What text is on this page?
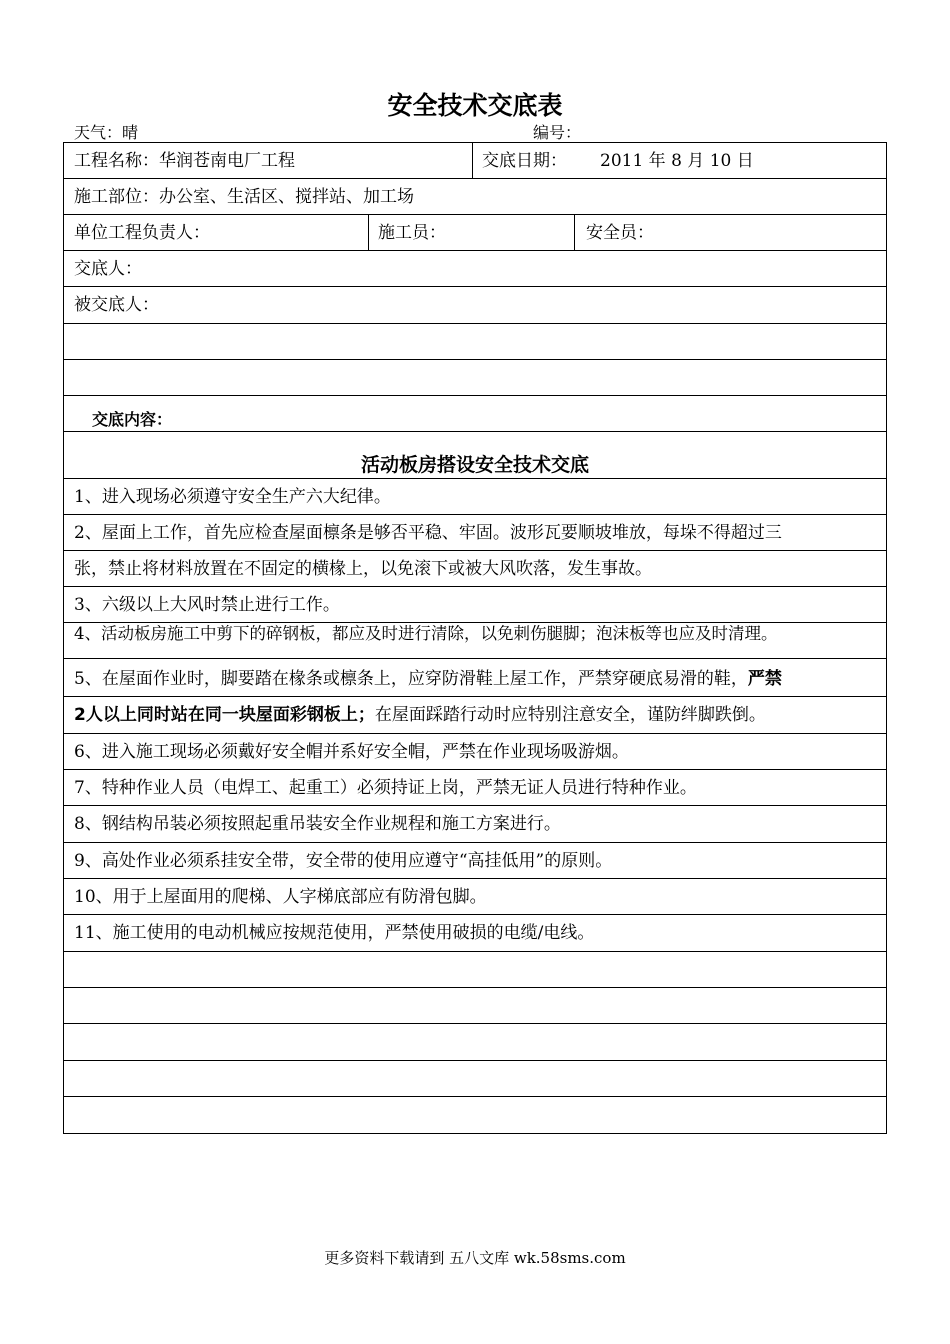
安全技术交底表
天气：晴	编号：
工程名称：华润苍南电厂工程	交底日期： 2011 年 8 月 10 日
施工部位：办公室、生活区、搅拌站、加工场
单位工程负责人：	施工员：	安全员：
交底人：
被交底人：
交底内容：
活动板房搭设安全技术交底
1、进入现场必须遵守安全生产六大纪律。
2、屋面上工作，首先应检查屋面檩条是够否平稳、牢固。波形瓦要顺坡堆放，每垛不得超过三
张，禁止将材料放置在不固定的横椽上，以免滚下或被大风吹落，发生事故。
3、六级以上大风时禁止进行工作。
4、活动板房施工中剪下的碎钢板，都应及时进行清除，以免刺伤腿脚；泡沫板等也应及时清理。
5、在屋面作业时，脚要踏在椽条或檩条上，应穿防滑鞋上屋工作，严禁穿硬底易滑的鞋，严禁
2人以上同时站在同一块屋面彩钢板上；在屋面踩踏行动时应特别注意安全，谨防绊脚跌倒。
6、进入施工现场必须戴好安全帽并系好安全帽，严禁在作业现场吸游烟。
7、特种作业人员（电焊工、起重工）必须持证上岗，严禁无证人员进行特种作业。
8、钢结构吊装必须按照起重吊装安全作业规程和施工方案进行。
9、高处作业必须系挂安全带，安全带的使用应遵守“高挂低用”的原则。
10、用于上屋面用的爬梯、人字梯底部应有防滑包脚。
11、施工使用的电动机械应按规范使用，严禁使用破损的电缆/电线。
更多资料下载请到 五八文库 wk.58sms.com
